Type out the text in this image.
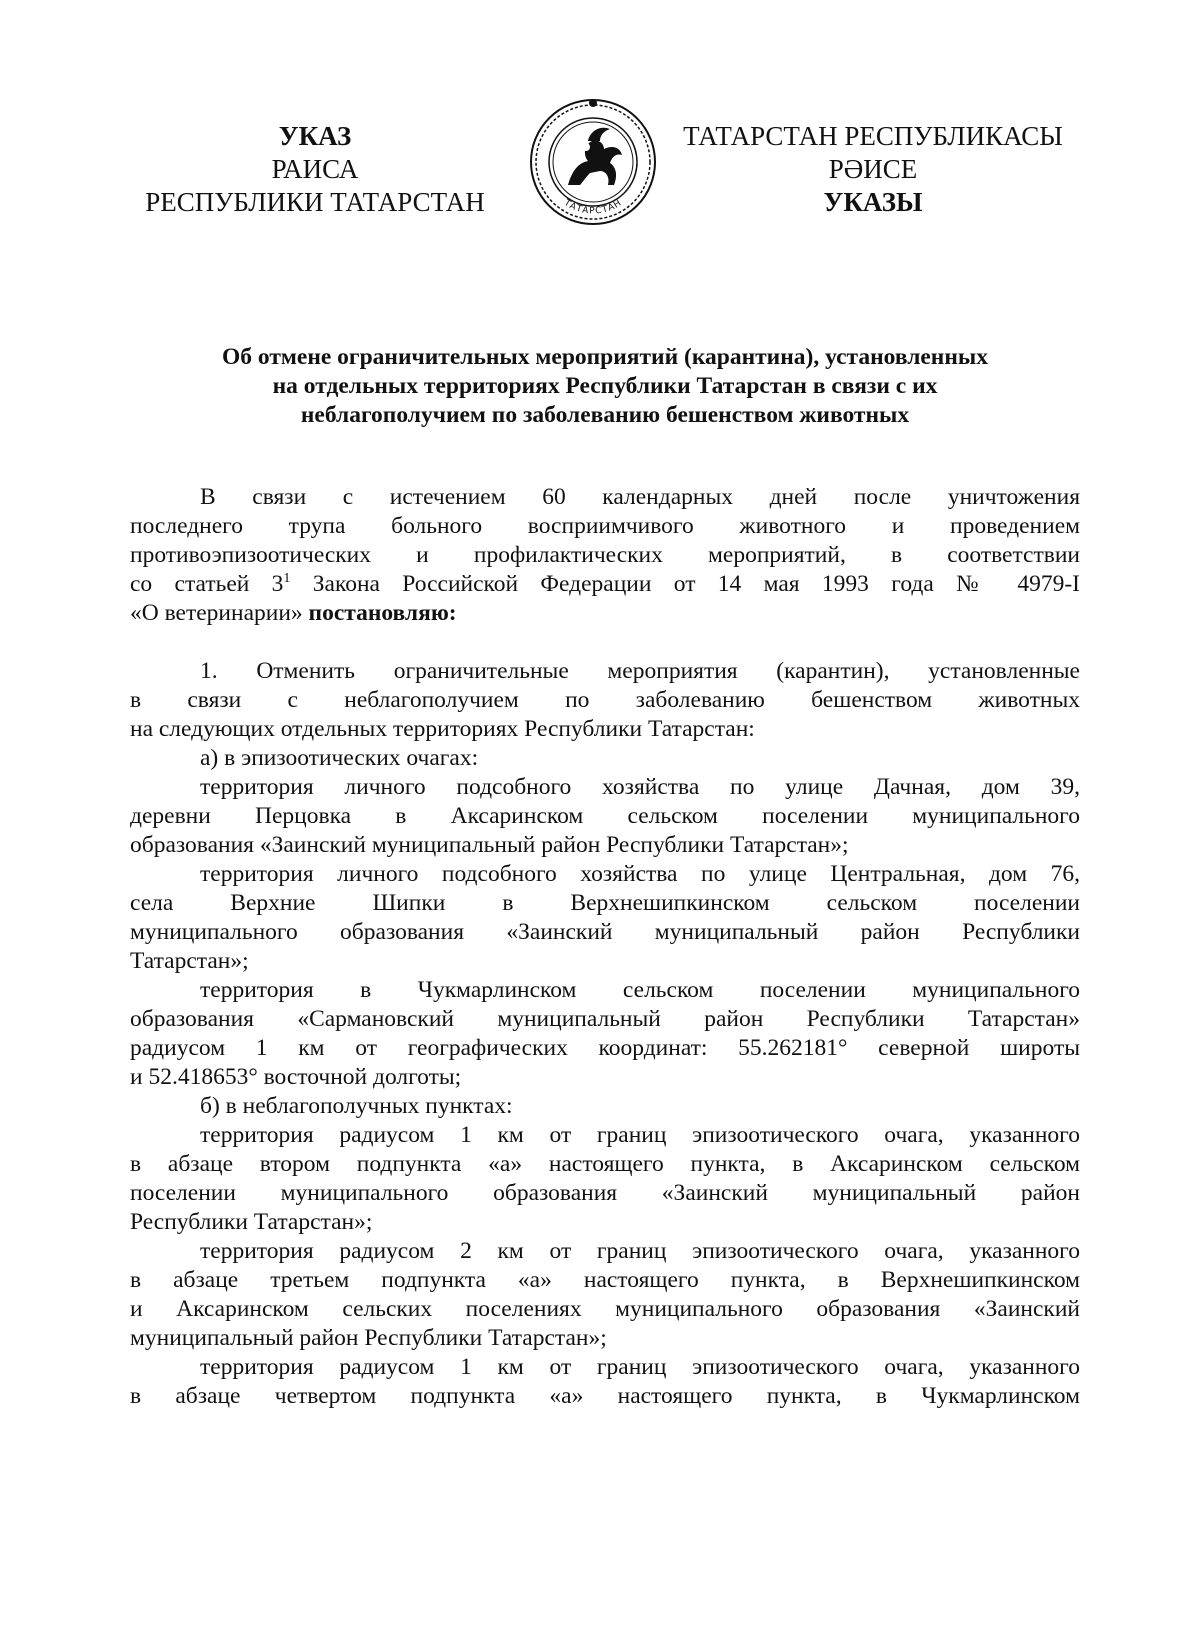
УКАЗ
РАИСА
РЕСПУБЛИКИ ТАТАРСТАН	ТАТАРСТАН
ТАТАРСТАН РЕСПУБЛИКАСЫ
РӘИСЕ
УКАЗЫ
Об отмене ограничительных мероприятий (карантина), установленных
на отдельных территориях Республики Татарстан в связи с их
неблагополучием по заболеванию бешенством животных
В связи с истечением 60 календарных дней после уничтожения
последнего трупа больного восприимчивого животного и проведением
противоэпизоотических и профилактических мероприятий, в соответствии
со статьей $3^1$ Закона Российской Федерации от 14 мая 1993 года № 4979-I
«О ветеринарии» постановляю:
1. Отменить ограничительные мероприятия (карантин), установленные
в связи с неблагополучием по заболеванию бешенством животных
на следующих отдельных территориях Республики Татарстан:
а) в эпизоотических очагах:
территория личного подсобного хозяйства по улице Дачная, дом 39,
деревни Перцовка в Аксаринском сельском поселении муниципального
образования «Заинский муниципальный район Республики Татарстан»;
территория личного подсобного хозяйства по улице Центральная, дом 76,
села Верхние Шипки в Верхнешипкинском сельском поселении
муниципального образования «Заинский муниципальный район Республики
Татарстан»;
территория в Чукмарлинском сельском поселении муниципального
образования «Сармановский муниципальный район Республики Татарстан»
радиусом 1 км от географических координат: 55.262181° северной широты
и 52.418653° восточной долготы;
б) в неблагополучных пунктах:
территория радиусом 1 км от границ эпизоотического очага, указанного
в абзаце втором подпункта «а» настоящего пункта, в Аксаринском сельском
поселении муниципального образования «Заинский муниципальный район
Республики Татарстан»;
территория радиусом 2 км от границ эпизоотического очага, указанного
в абзаце третьем подпункта «а» настоящего пункта, в Верхнешипкинском
и Аксаринском сельских поселениях муниципального образования «Заинский
муниципальный район Республики Татарстан»;
территория радиусом 1 км от границ эпизоотического очага, указанного
в абзаце четвертом подпункта «а» настоящего пункта, в Чукмарлинском
